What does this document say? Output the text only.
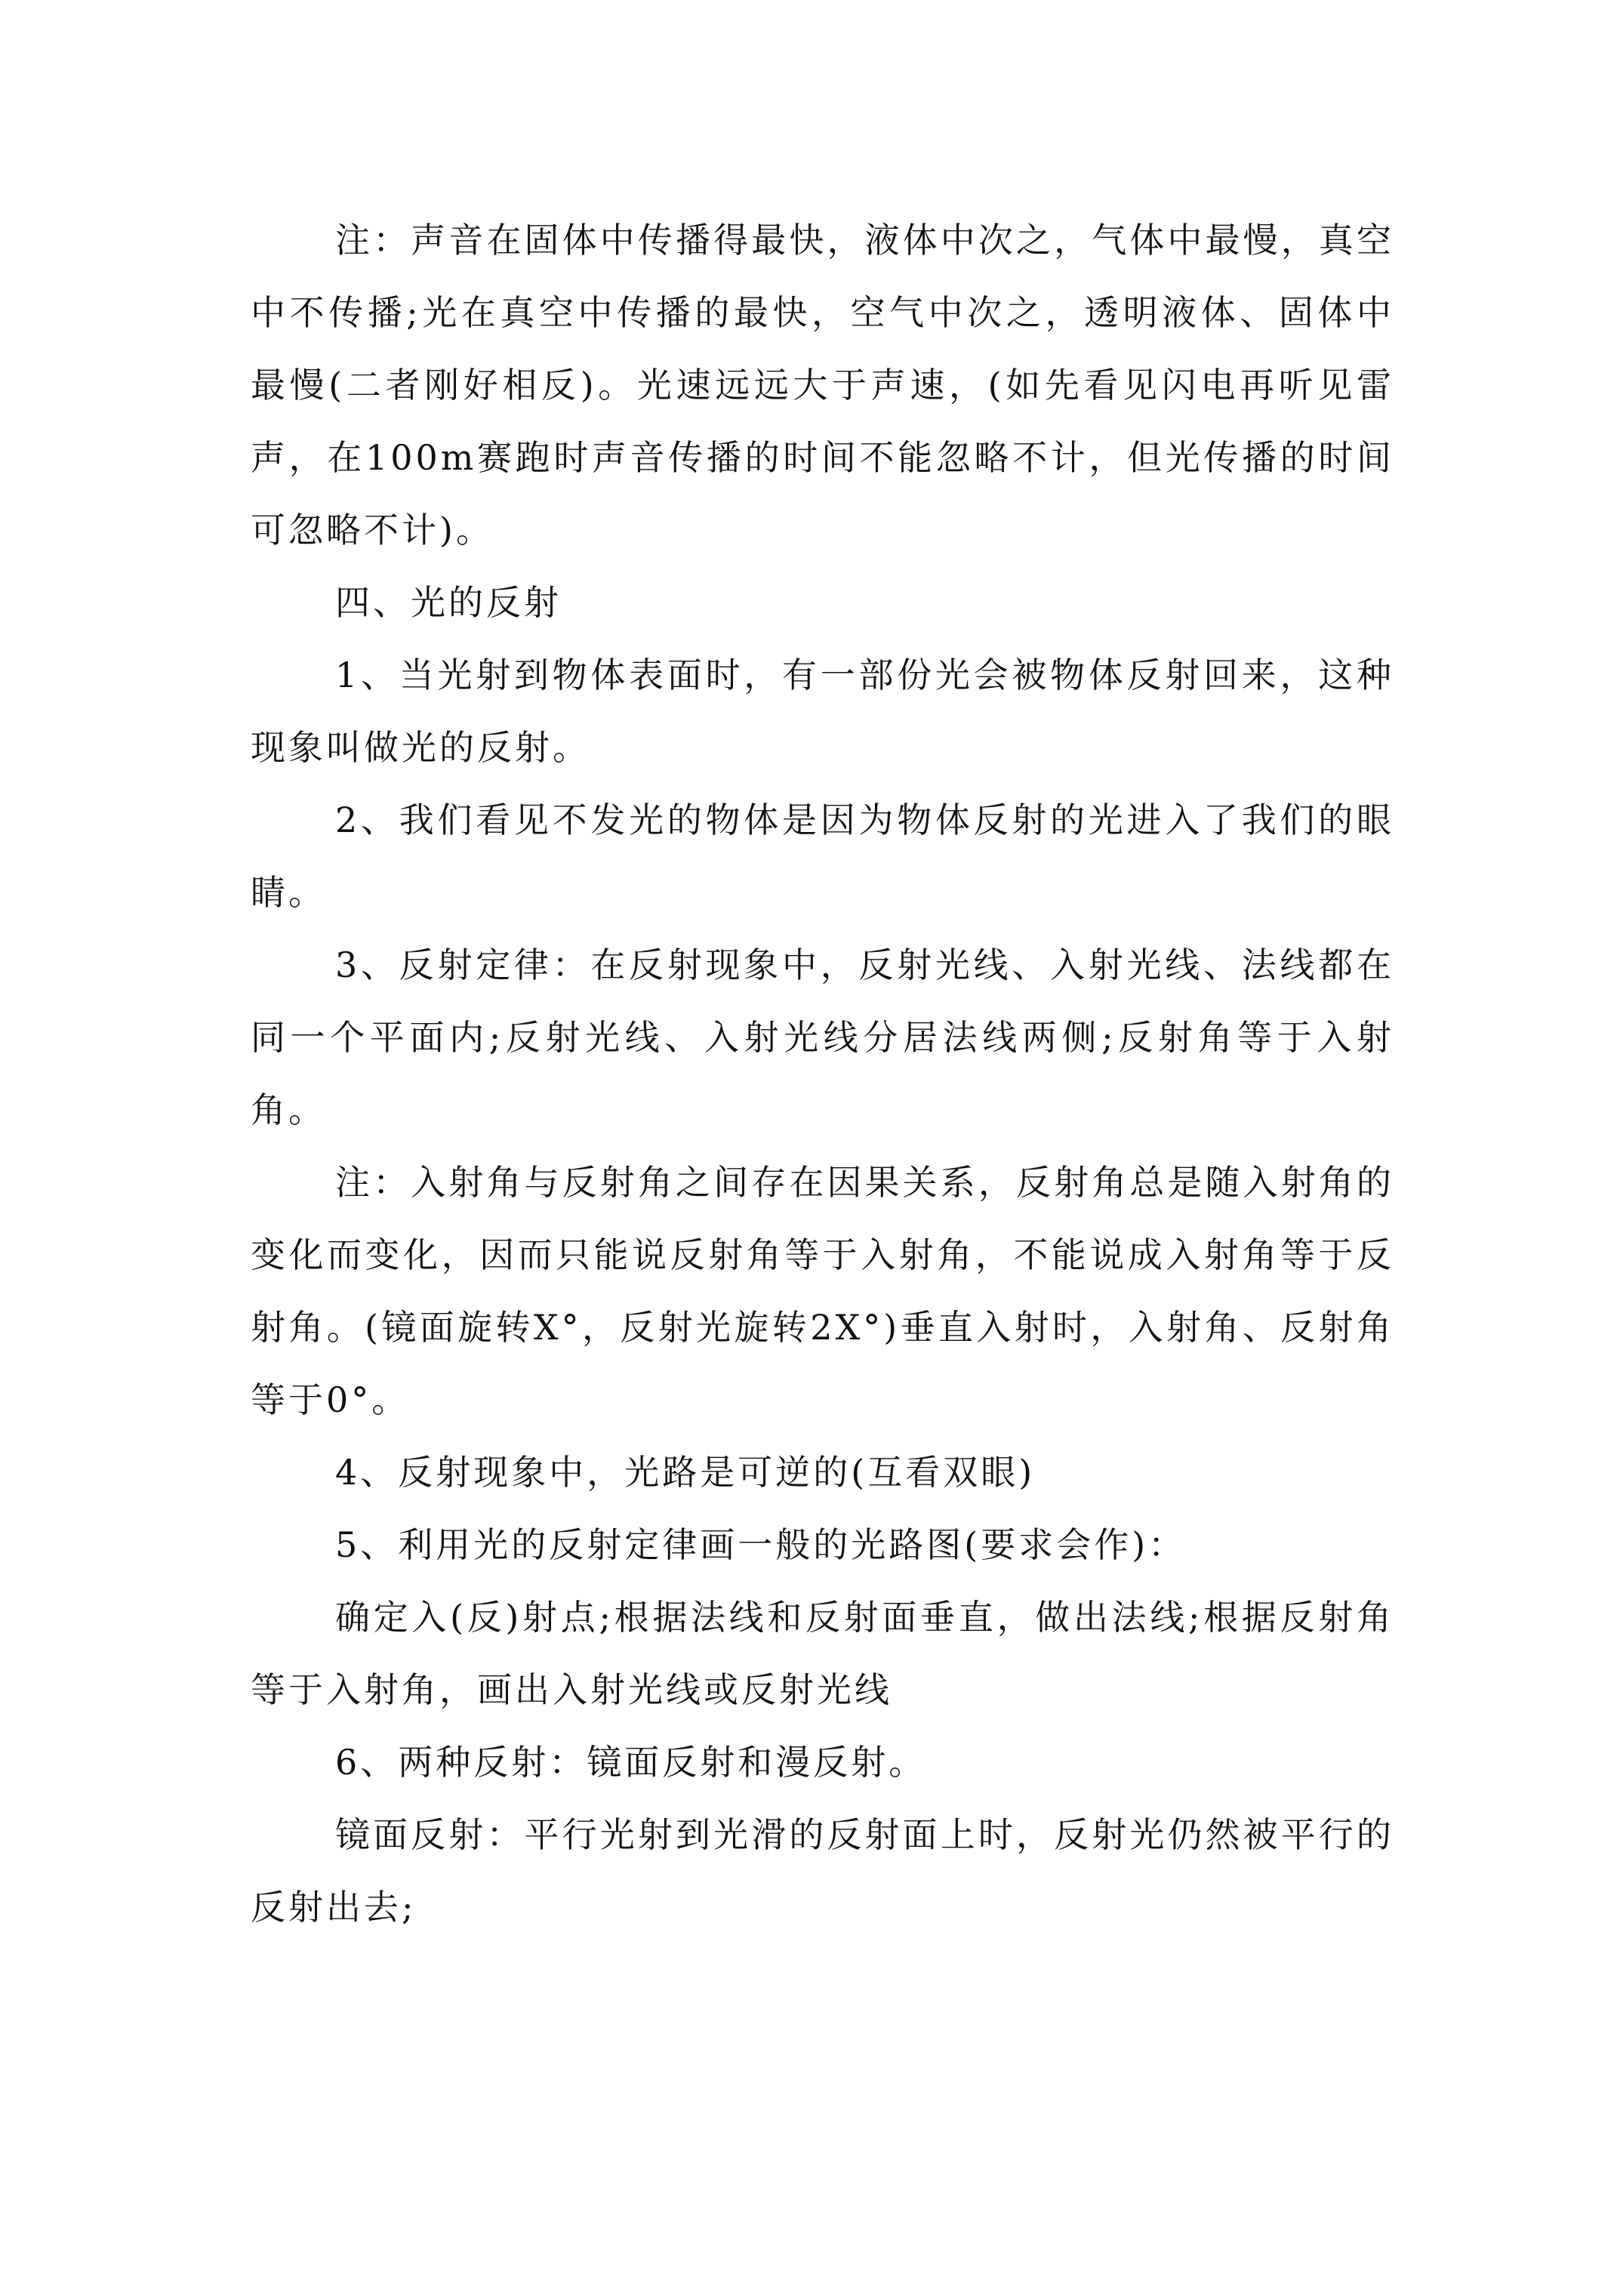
注：声音在固体中传播得最快，液体中次之，气体中最慢，真空中不传播;光在真空中传播的最快，空气中次之，透明液体、固体中最慢(二者刚好相反)。光速远远大于声速，(如先看见闪电再听见雷声，在100m赛跑时声音传播的时间不能忽略不计，但光传播的时间可忽略不计)。

四、光的反射

1、当光射到物体表面时，有一部份光会被物体反射回来，这种现象叫做光的反射。

2、我们看见不发光的物体是因为物体反射的光进入了我们的眼睛。

3、反射定律：在反射现象中，反射光线、入射光线、法线都在同一个平面内;反射光线、入射光线分居法线两侧;反射角等于入射角。

注：入射角与反射角之间存在因果关系，反射角总是随入射角的变化而变化，因而只能说反射角等于入射角，不能说成入射角等于反射角。(镜面旋转X°，反射光旋转2X°)垂直入射时，入射角、反射角等于0°。

4、反射现象中，光路是可逆的(互看双眼)

5、利用光的反射定律画一般的光路图(要求会作)：

确定入(反)射点;根据法线和反射面垂直，做出法线;根据反射角等于入射角，画出入射光线或反射光线

6、两种反射：镜面反射和漫反射。

镜面反射：平行光射到光滑的反射面上时，反射光仍然被平行的反射出去;
